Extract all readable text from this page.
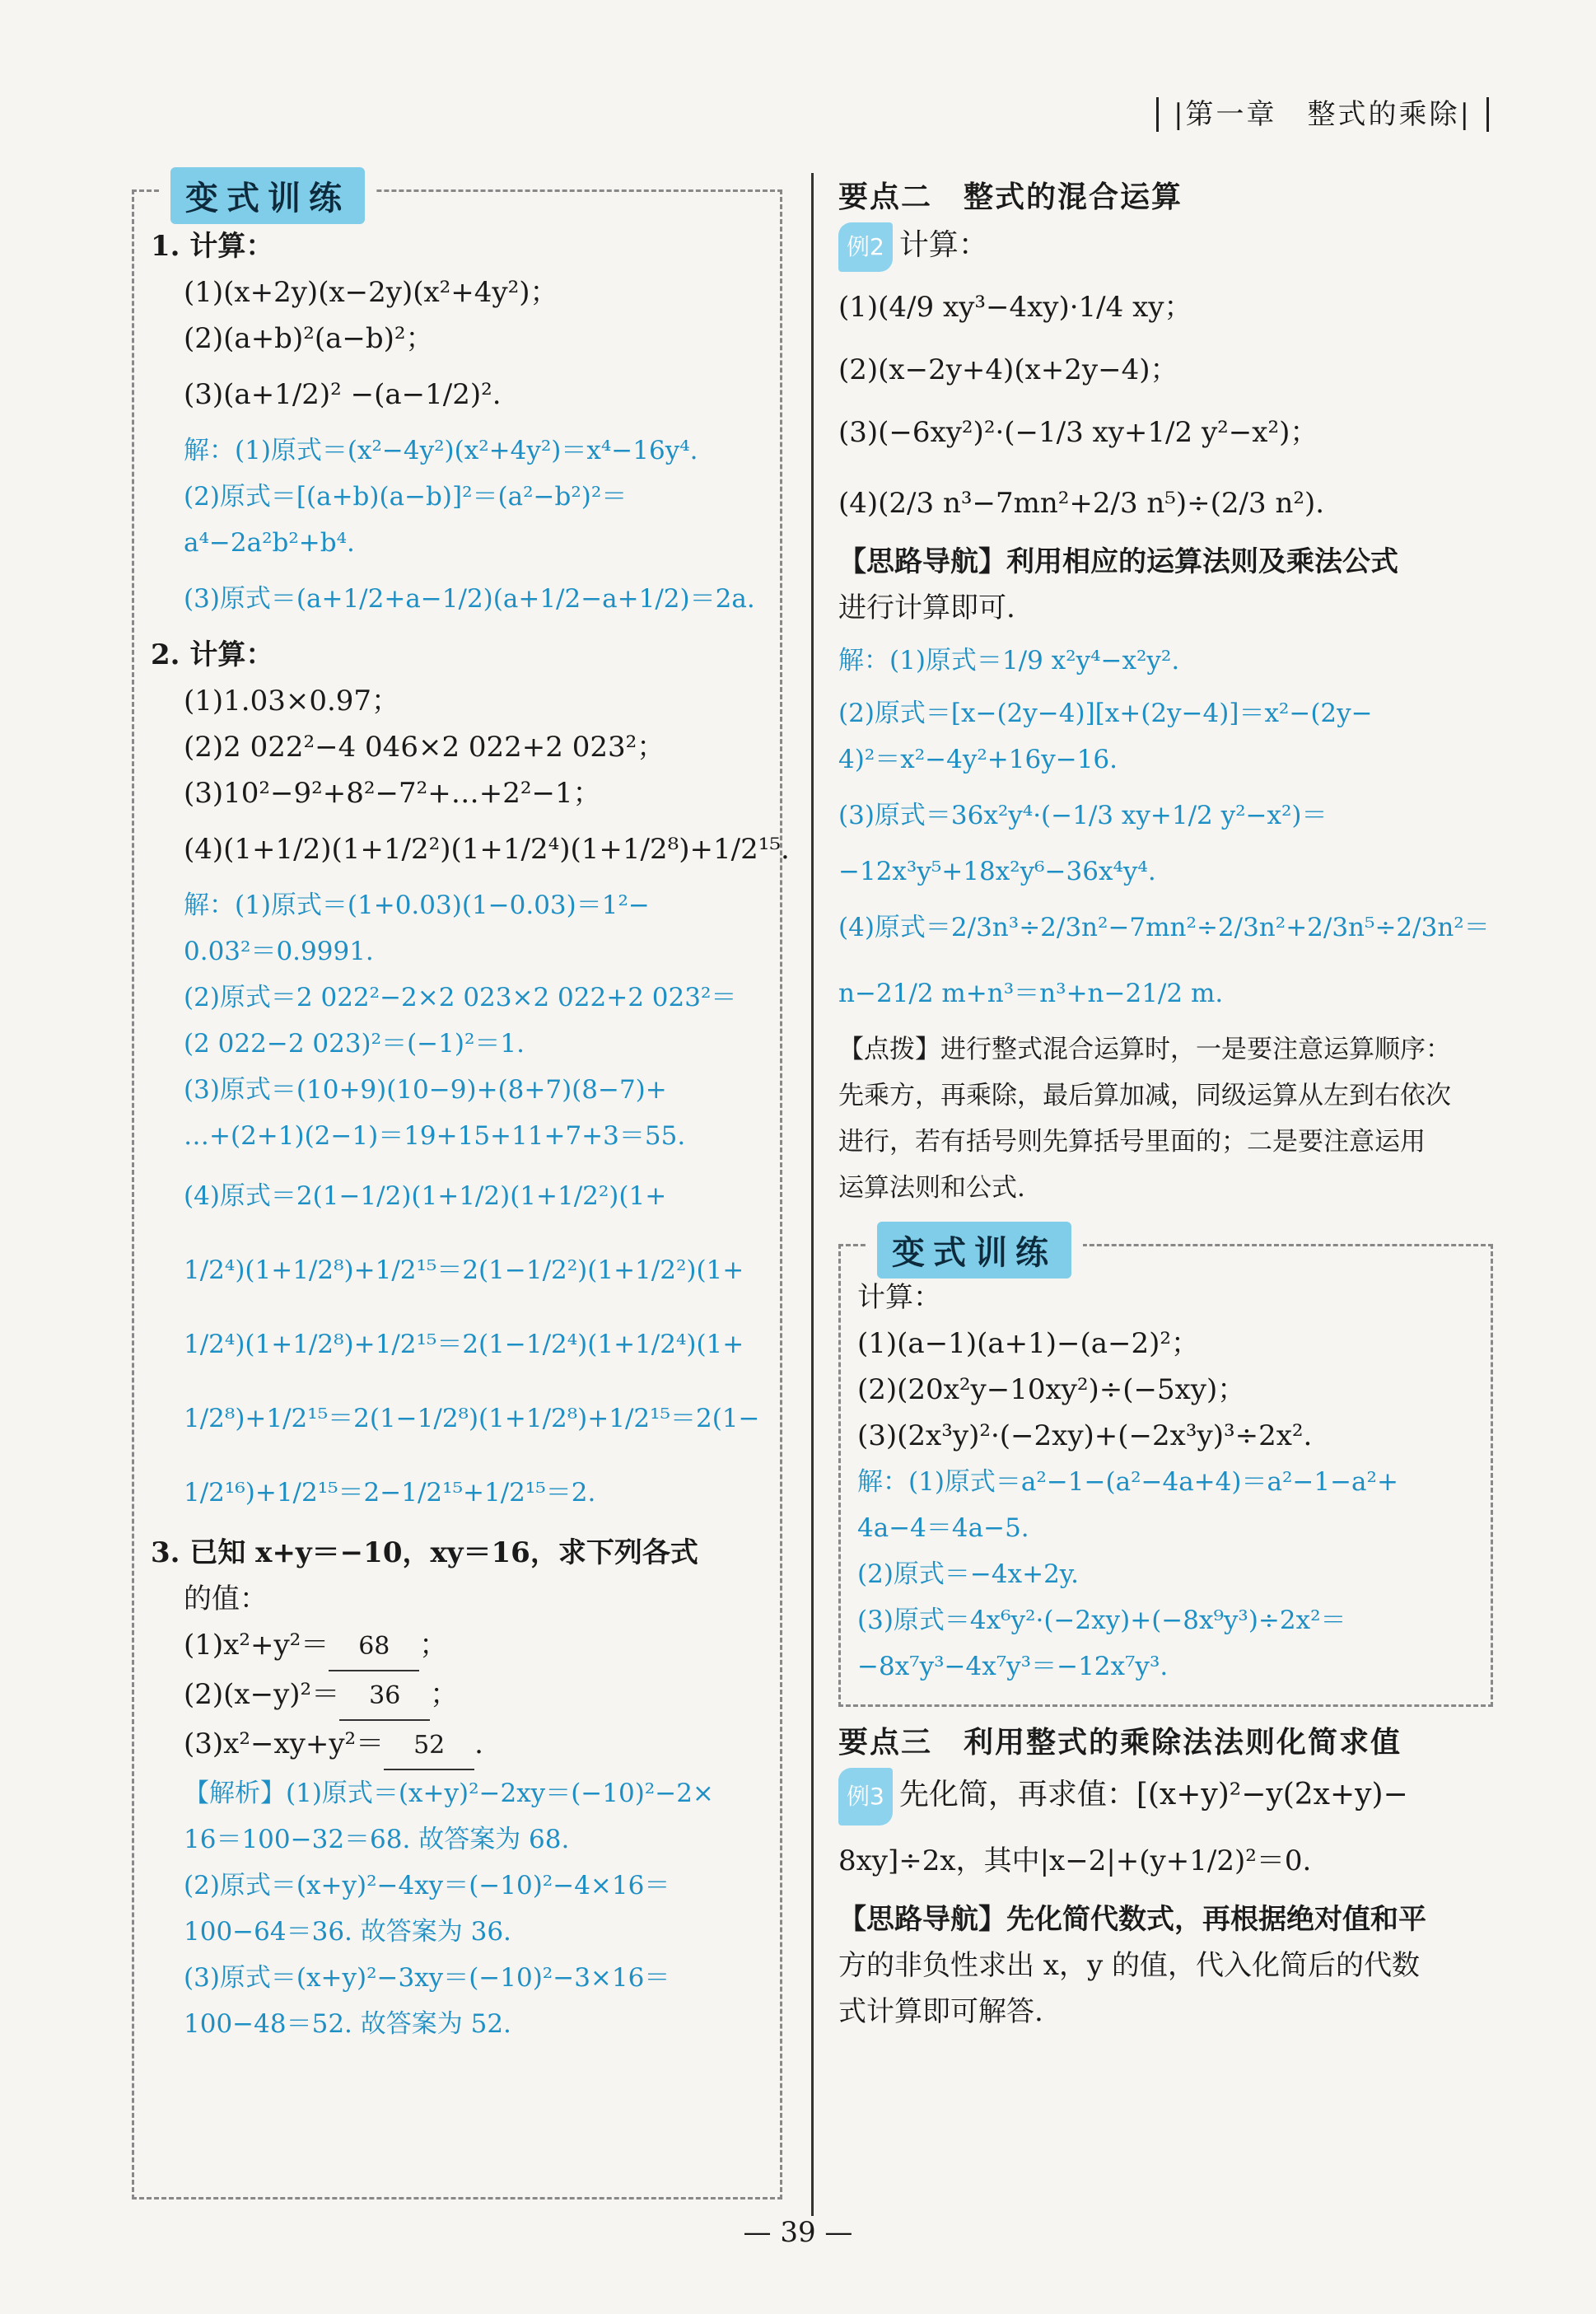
|第一章　整式的乘除|
变式训练
1. 计算：
(1)(x+2y)(x−2y)(x²+4y²)；
(2)(a+b)²(a−b)²；
(3)(a+1/2)² −(a−1/2)².
解：(1)原式＝(x²−4y²)(x²+4y²)＝x⁴−16y⁴.
(2)原式＝[(a+b)(a−b)]²＝(a²−b²)²＝
a⁴−2a²b²+b⁴.
(3)原式＝(a+1/2+a−1/2)(a+1/2−a+1/2)＝2a.
2. 计算：
(1)1.03×0.97；
(2)2 022²−4 046×2 022+2 023²；
(3)10²−9²+8²−7²+…+2²−1；
(4)(1+1/2)(1+1/2²)(1+1/2⁴)(1+1/2⁸)+1/2¹⁵.
解：(1)原式＝(1+0.03)(1−0.03)＝1²−
0.03²＝0.9991.
(2)原式＝2 022²−2×2 023×2 022+2 023²＝
(2 022−2 023)²＝(−1)²＝1.
(3)原式＝(10+9)(10−9)+(8+7)(8−7)+
…+(2+1)(2−1)＝19+15+11+7+3＝55.
(4)原式＝2(1−1/2)(1+1/2)(1+1/2²)(1+
1/2⁴)(1+1/2⁸)+1/2¹⁵＝2(1−1/2²)(1+1/2²)(1+
1/2⁴)(1+1/2⁸)+1/2¹⁵＝2(1−1/2⁴)(1+1/2⁴)(1+
1/2⁸)+1/2¹⁵＝2(1−1/2⁸)(1+1/2⁸)+1/2¹⁵＝2(1−
1/2¹⁶)+1/2¹⁵＝2−1/2¹⁵+1/2¹⁵＝2.
3. 已知 x+y＝−10，xy＝16，求下列各式
的值：
(1)x²+y²＝ 68 ；
(2)(x−y)²＝ 36 ；
(3)x²−xy+y²＝ 52 .
【解析】(1)原式＝(x+y)²−2xy＝(−10)²−2×
16＝100−32＝68. 故答案为 68.
(2)原式＝(x+y)²−4xy＝(−10)²−4×16＝
100−64＝36. 故答案为 36.
(3)原式＝(x+y)²−3xy＝(−10)²−3×16＝
100−48＝52. 故答案为 52.
要点二　整式的混合运算
例2 计算：
(1)(4/9 xy³−4xy)·1/4 xy；
(2)(x−2y+4)(x+2y−4)；
(3)(−6xy²)²·(−1/3 xy+1/2 y²−x²)；
(4)(2/3 n³−7mn²+2/3 n⁵)÷(2/3 n²).
【思路导航】利用相应的运算法则及乘法公式
进行计算即可.
解：(1)原式＝1/9 x²y⁴−x²y².
(2)原式＝[x−(2y−4)][x+(2y−4)]＝x²−(2y−
4)²＝x²−4y²+16y−16.
(3)原式＝36x²y⁴·(−1/3 xy+1/2 y²−x²)＝
−12x³y⁵+18x²y⁶−36x⁴y⁴.
(4)原式＝2/3n³÷2/3n²−7mn²÷2/3n²+2/3n⁵÷2/3n²＝
n−21/2 m+n³＝n³+n−21/2 m.
【点拨】进行整式混合运算时，一是要注意运算顺序：
先乘方，再乘除，最后算加减，同级运算从左到右依次
进行，若有括号则先算括号里面的；二是要注意运用
运算法则和公式.
变式训练
计算：
(1)(a−1)(a+1)−(a−2)²；
(2)(20x²y−10xy²)÷(−5xy)；
(3)(2x³y)²·(−2xy)+(−2x³y)³÷2x².
解：(1)原式＝a²−1−(a²−4a+4)＝a²−1−a²+
4a−4＝4a−5.
(2)原式＝−4x+2y.
(3)原式＝4x⁶y²·(−2xy)+(−8x⁹y³)÷2x²＝
−8x⁷y³−4x⁷y³＝−12x⁷y³.
要点三　利用整式的乘除法法则化简求值
例3 先化简，再求值：[(x+y)²−y(2x+y)−
8xy]÷2x，其中|x−2|+(y+1/2)²＝0.
【思路导航】先化简代数式，再根据绝对值和平
方的非负性求出 x，y 的值，代入化简后的代数
式计算即可解答.
— 39 —
